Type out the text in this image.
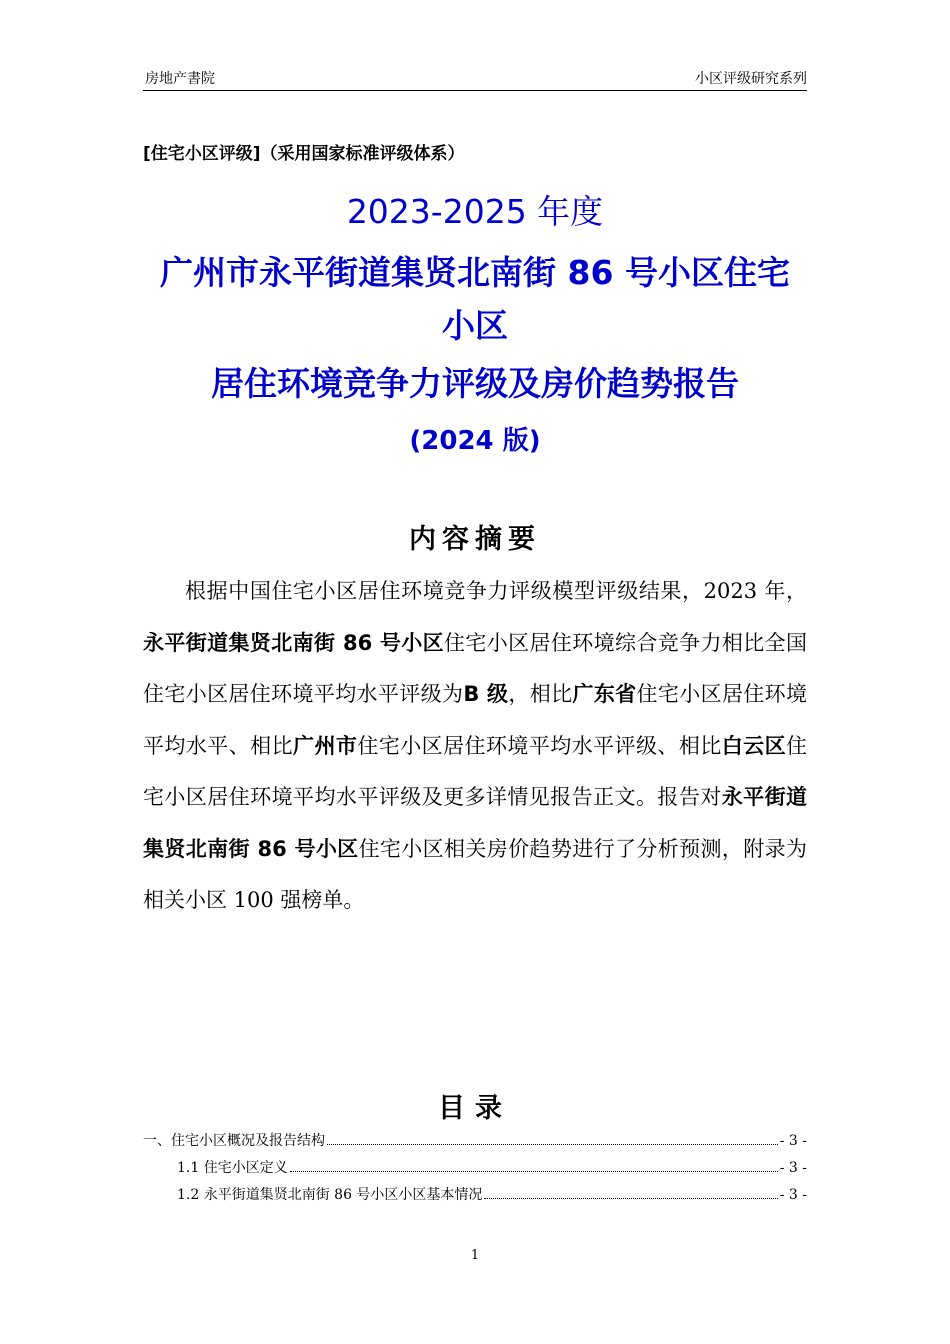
房地产書院	小区评级研究系列
[住宅小区评级]（采用国家标准评级体系）
2023-2025 年度
广州市永平街道集贤北南街 86 号小区住宅
小区
居住环境竞争力评级及房价趋势报告
(2024 版)
内容摘要
根据中国住宅小区居住环境竞争力评级模型评级结果，2023 年，永平街道集贤北南街 86 号小区住宅小区居住环境综合竞争力相比全国住宅小区居住环境平均水平评级为B 级，相比广东省住宅小区居住环境平均水平、相比广州市住宅小区居住环境平均水平评级、相比白云区住宅小区居住环境平均水平评级及更多详情见报告正文。报告对永平街道集贤北南街 86 号小区住宅小区相关房价趋势进行了分析预测，附录为相关小区 100 强榜单。
目录
一、住宅小区概况及报告结构	- 3 -
1.1 住宅小区定义	- 3 -
1.2 永平街道集贤北南街 86 号小区小区基本情况	- 3 -
1
